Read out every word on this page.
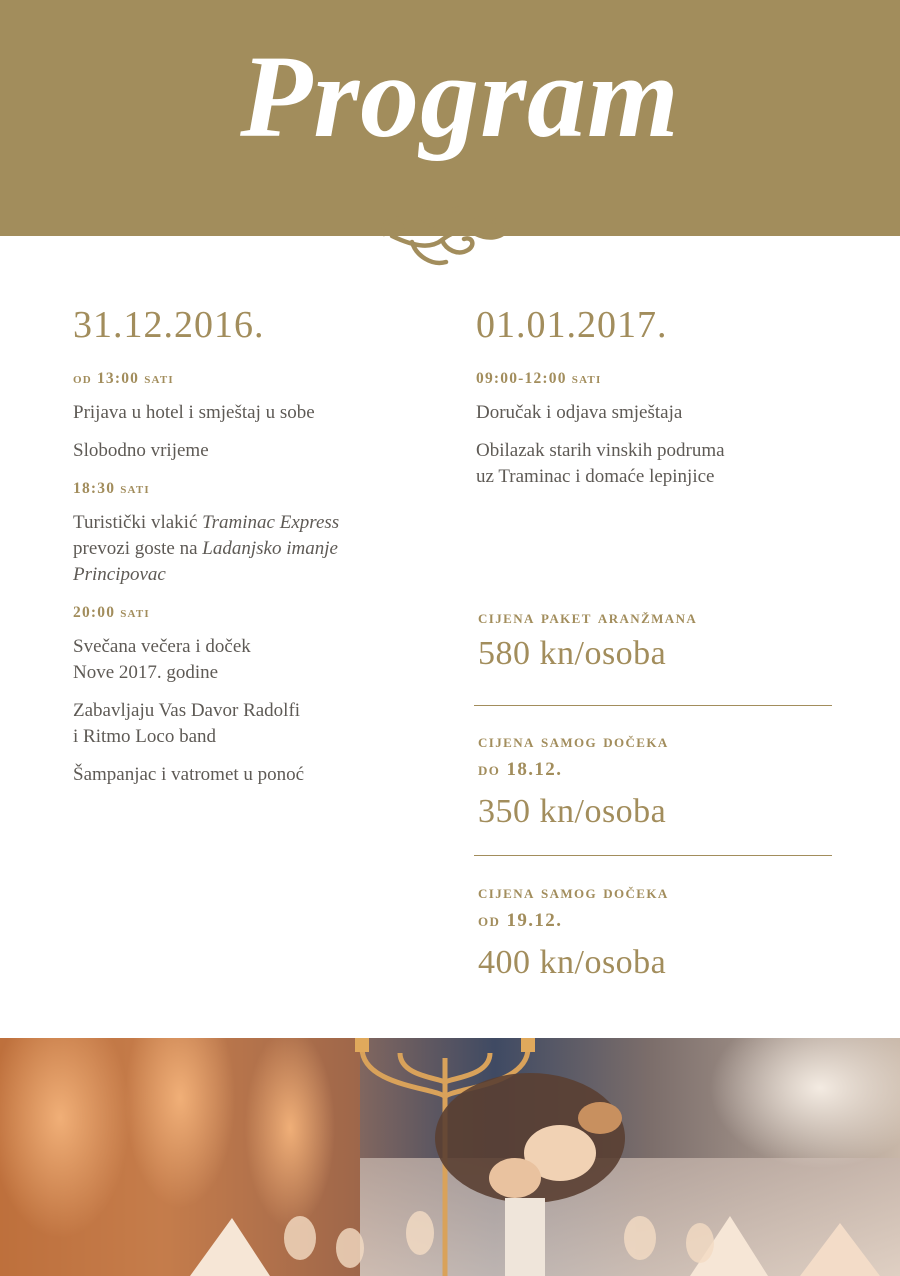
Program
31.12.2016.
od 13:00 sati
Prijava u hotel i smještaj u sobe
Slobodno vrijeme
18:30 sati
Turistički vlakić Traminac Express
prevozi goste na Ladanjsko imanje
Principovac
20:00 sati
Svečana večera i doček
Nove 2017. godine
Zabavljaju Vas Davor Radolfi
i Ritmo Loco band
Šampanjac i vatromet u ponoć
01.01.2017.
09:00-12:00 sati
Doručak i odjava smještaja
Obilazak starih vinskih podruma
uz Traminac i domaće lepinjice
cijena paket aranžmana
580 kn/osoba
cijena samog dočeka
do 18.12.
350 kn/osoba
cijena samog dočeka
od 19.12.
400 kn/osoba
